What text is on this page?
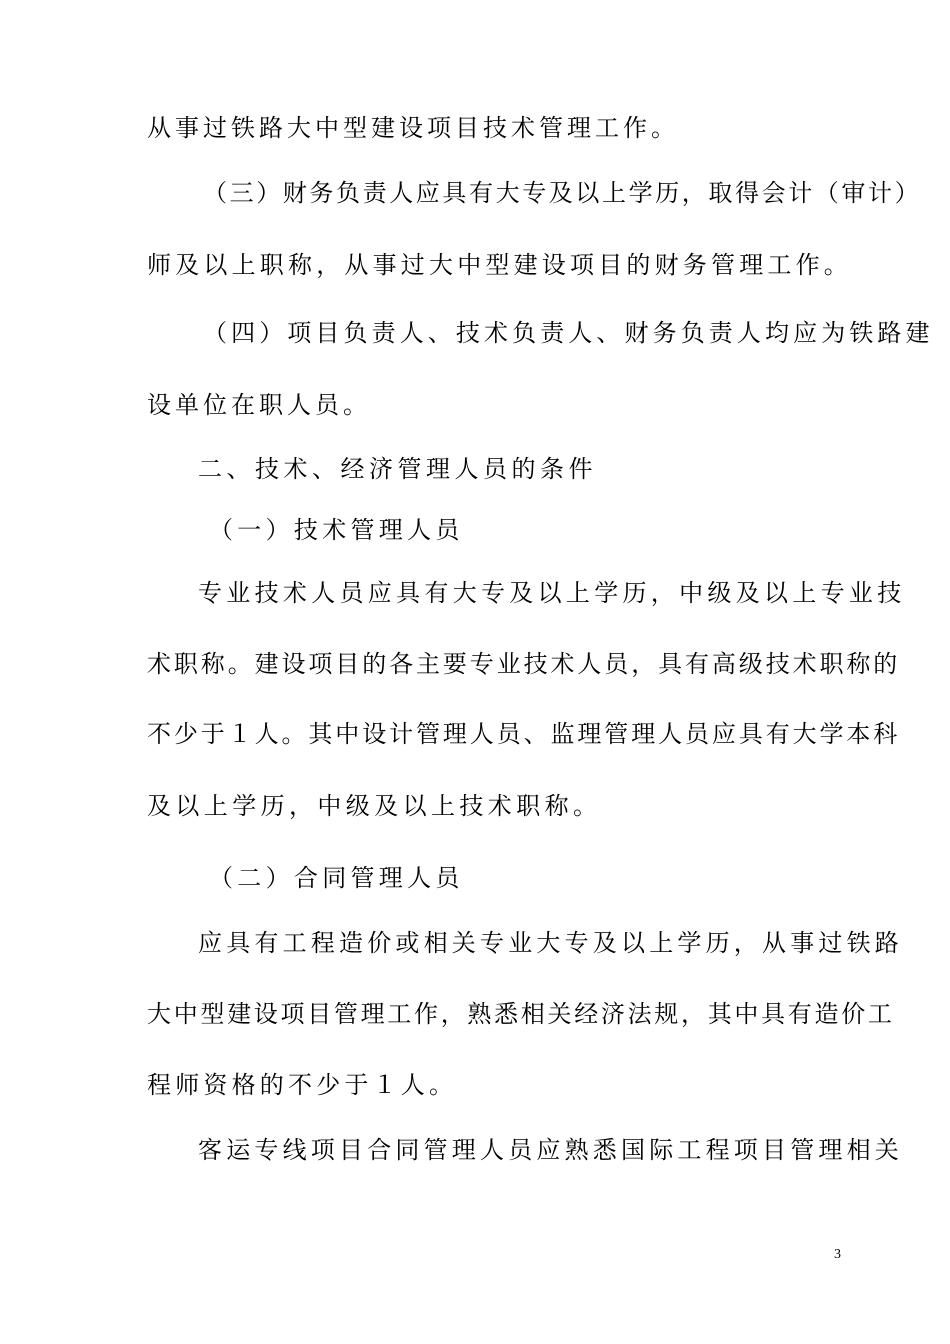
从事过铁路大中型建设项目技术管理工作。
（三）财务负责人应具有大专及以上学历，取得会计（审计）
师及以上职称，从事过大中型建设项目的财务管理工作。
（四）项目负责人、技术负责人、财务负责人均应为铁路建
设单位在职人员。
二、技术、经济管理人员的条件
（一）技术管理人员
专业技术人员应具有大专及以上学历，中级及以上专业技
术职称。建设项目的各主要专业技术人员，具有高级技术职称的
不少于１人。其中设计管理人员、监理管理人员应具有大学本科
及以上学历，中级及以上技术职称。
（二）合同管理人员
应具有工程造价或相关专业大专及以上学历，从事过铁路
大中型建设项目管理工作，熟悉相关经济法规，其中具有造价工
程师资格的不少于１人。
客运专线项目合同管理人员应熟悉国际工程项目管理相关
3
